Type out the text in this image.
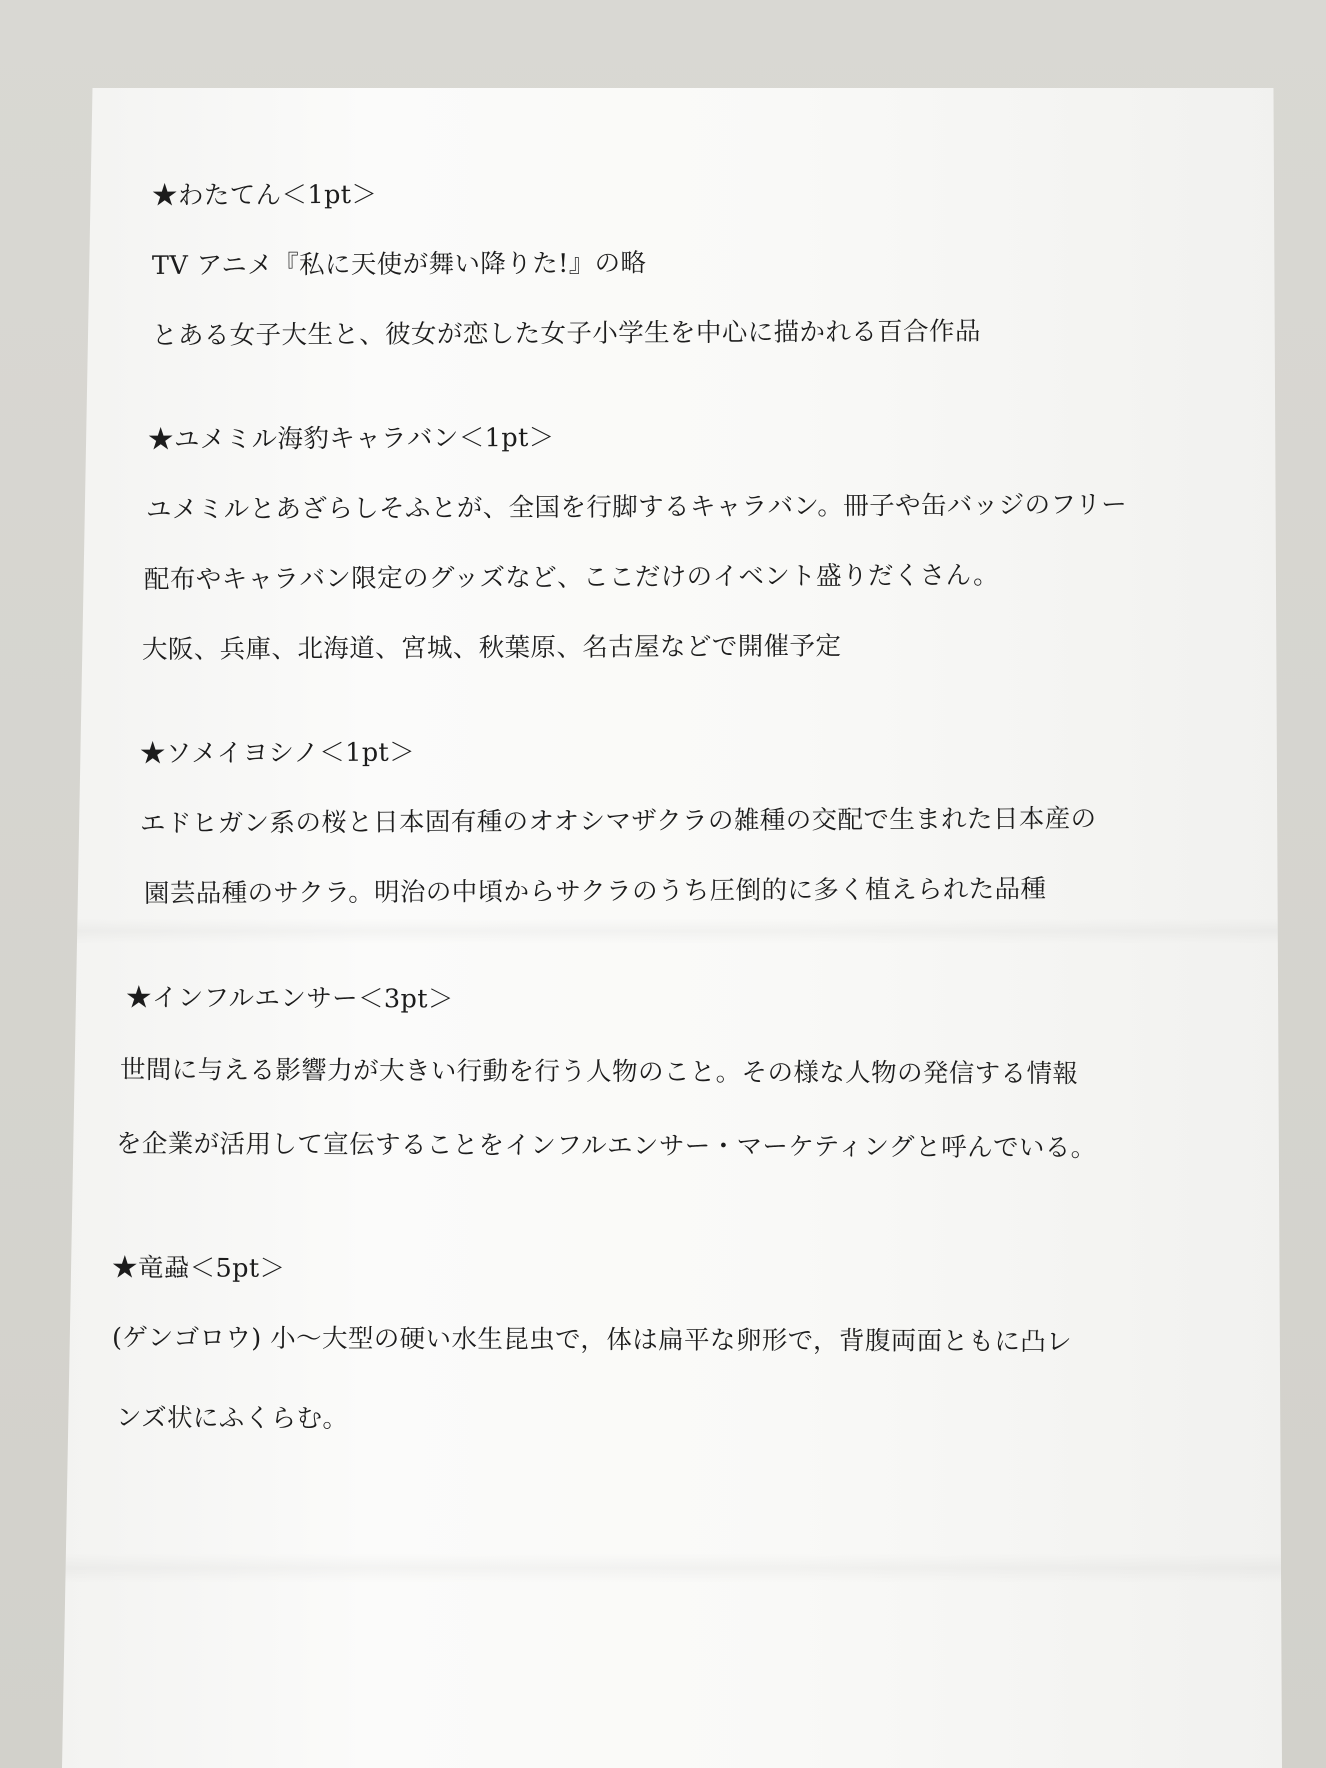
★わたてん＜1pt＞
TV アニメ『私に天使が舞い降りた!』の略
とある女子大生と、彼女が恋した女子小学生を中心に描かれる百合作品
★ユメミル海豹キャラバン＜1pt＞
ユメミルとあざらしそふとが、全国を行脚するキャラバン。冊子や缶バッジのフリー
配布やキャラバン限定のグッズなど、ここだけのイベント盛りだくさん。
大阪、兵庫、北海道、宮城、秋葉原、名古屋などで開催予定
★ソメイヨシノ＜1pt＞
エドヒガン系の桜と日本固有種のオオシマザクラの雑種の交配で生まれた日本産の
園芸品種のサクラ。明治の中頃からサクラのうち圧倒的に多く植えられた品種
★インフルエンサー＜3pt＞
世間に与える影響力が大きい行動を行う人物のこと。その様な人物の発信する情報
を企業が活用して宣伝することをインフルエンサー・マーケティングと呼んでいる。
★竜蝨＜5pt＞
(ゲンゴロウ) 小～大型の硬い水生昆虫で，体は扁平な卵形で，背腹両面ともに凸レ
ンズ状にふくらむ。
